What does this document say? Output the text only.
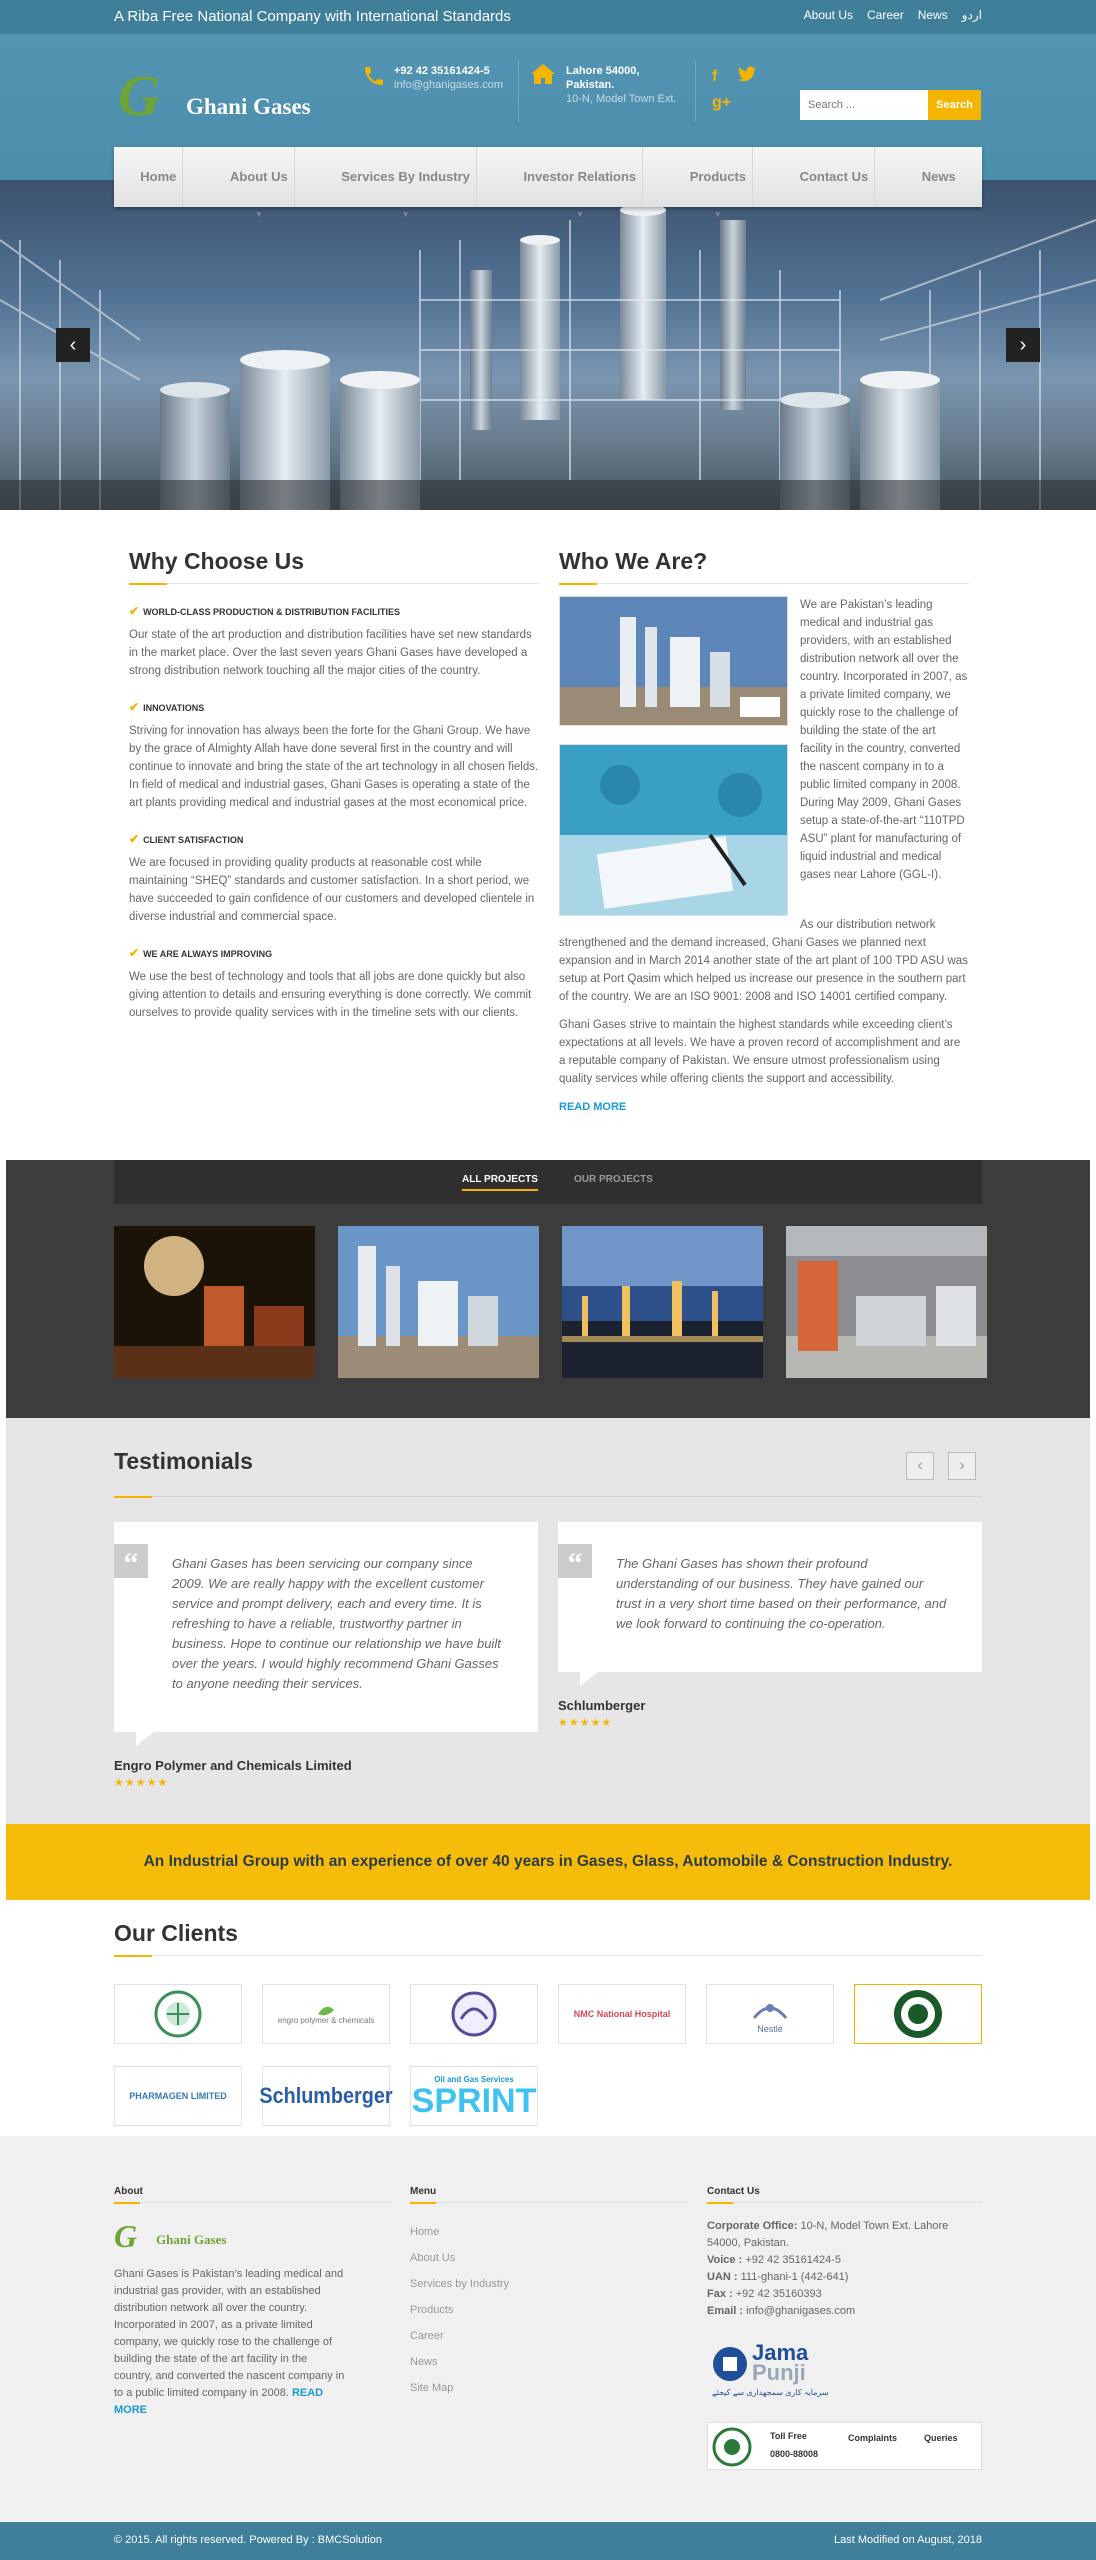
A Riba Free National Company with International Standards	About Us Career News اردو
G Ghani Gases
+92 42 35161424-5
info@ghanigases.com
Lahore 54000,
Pakistan.
10-N, Model Town Ext.
f
g+
Search ...	Search
Home	About Us
▼
Services By Industry
▼
Investor Relations
▼
Products
▼
Contact Us	News
‹	›
Why Choose Us
✔ WORLD-CLASS PRODUCTION & DISTRIBUTION FACILITIES
Our state of the art production and distribution facilities have set new standards in the market place. Over the last seven years Ghani Gases have developed a strong distribution network touching all the major cities of the country.
✔ INNOVATIONS
Striving for innovation has always been the forte for the Ghani Group. We have by the grace of Almighty Allah have done several first in the country and will continue to innovate and bring the state of the art technology in all chosen fields. In field of medical and industrial gases, Ghani Gases is operating a state of the art plants providing medical and industrial gases at the most economical price.
✔ CLIENT SATISFACTION
We are focused in providing quality products at reasonable cost while maintaining “SHEQ” standards and customer satisfaction. In a short period, we have succeeded to gain confidence of our customers and developed clientele in diverse industrial and commercial space.
✔ WE ARE ALWAYS IMPROVING
We use the best of technology and tools that all jobs are done quickly but also giving attention to details and ensuring everything is done correctly. We commit ourselves to provide quality services with in the timeline sets with our clients.
Who We Are?
We are Pakistan’s leading medical and industrial gas providers, with an established distribution network all over the country. Incorporated in 2007, as a private limited company, we quickly rose to the challenge of building the state of the art facility in the country, converted the nascent company in to a public limited company in 2008. During May 2009, Ghani Gases setup a state-of-the-art “110TPD ASU” plant for manufacturing of liquid industrial and medical gases near Lahore (GGL-I).
As our distribution network
strengthened and the demand increased, Ghani Gases we planned next expansion and in March 2014 another state of the art plant of 100 TPD ASU was setup at Port Qasim which helped us increase our presence in the southern part of the country. We are an ISO 9001: 2008 and ISO 14001 certified company.
Ghani Gases strive to maintain the highest standards while exceeding client’s expectations at all levels. We have a proven record of accomplishment and are a reputable company of Pakistan. We ensure utmost professionalism using quality services while offering clients the support and accessibility.
READ MORE
ALL PROJECTS	OUR PROJECTS
Testimonials	‹	›
“	Ghani Gases has been servicing our company since 2009. We are really happy with the excellent customer service and prompt delivery, each and every time. It is refreshing to have a reliable, trustworthy partner in business. Hope to continue our relationship we have built over the years. I would highly recommend Ghani Gasses to anyone needing their services.
Engro Polymer and Chemicals Limited
★★★★★
“	The Ghani Gases has shown their profound understanding of our business. They have gained our trust in a very short time based on their performance, and we look forward to continuing the co-operation.
Schlumberger
★★★★★
An Industrial Group with an experience of over 40 years in Gases, Glass, Automobile & Construction Industry.
Our Clients
engro polymer & chemicals
NMC National Hospital
Nestlé
PHARMAGEN LIMITED Schlumberger
Oil and Gas Services
SPRINT
About
G Ghani Gases
Ghani Gases is Pakistan’s leading medical and industrial gas provider, with an established distribution network all over the country. Incorporated in 2007, as a private limited company, we quickly rose to the challenge of building the state of the art facility in the country, and converted the nascent company in to a public limited company in 2008. READ MORE
Menu
Home
About Us
Services by Industry
Products
Career
News
Site Map
Contact Us
Corporate Office: 10-N, Model Town Ext. Lahore 54000, Pakistan.
Voice : +92 42 35161424-5
UAN : 111-ghani-1 (442-641)
Fax : +92 42 35160393
Email : info@ghanigases.com
Jama
Punji
سرمایہ کاری سمجھداری سے کیجئے
Toll Free
0800-88008
Complaints	Queries
© 2015. All rights reserved. Powered By : BMCSolution	Last Modified on August, 2018
